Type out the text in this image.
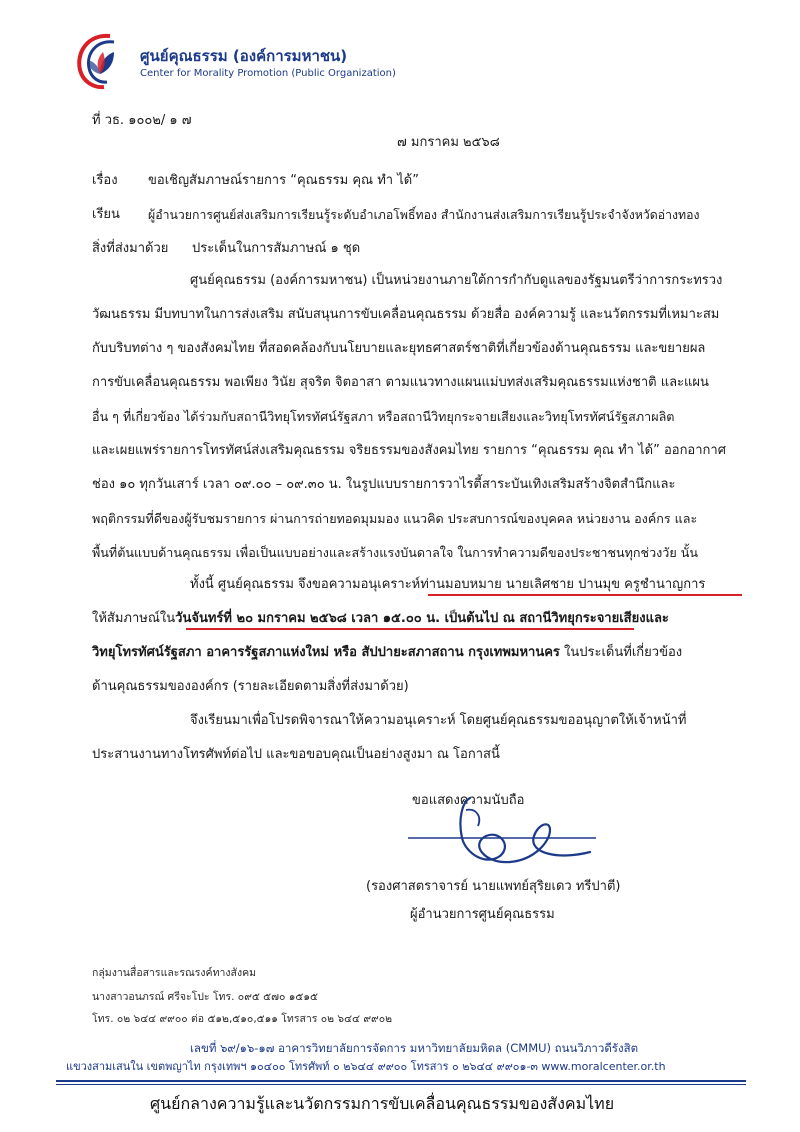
ศูนย์คุณธรรม (องค์การมหาชน)
Center for Morality Promotion (Public Organization)
ที่ วธ. ๑๐๐๒/ ๑ ๗
๗ มกราคม ๒๕๖๘
เรื่อง ขอเชิญสัมภาษณ์รายการ “คุณธรรม คุณ ทำ ได้”
เรียน ผู้อำนวยการศูนย์ส่งเสริมการเรียนรู้ระดับอำเภอโพธิ์ทอง สำนักงานส่งเสริมการเรียนรู้ประจำจังหวัดอ่างทอง
สิ่งที่ส่งมาด้วย ประเด็นในการสัมภาษณ์ ๑ ชุด
ศูนย์คุณธรรม (องค์การมหาชน) เป็นหน่วยงานภายใต้การกำกับดูแลของรัฐมนตรีว่าการกระทรวง
วัฒนธรรม มีบทบาทในการส่งเสริม สนับสนุนการขับเคลื่อนคุณธรรม ด้วยสื่อ องค์ความรู้ และนวัตกรรมที่เหมาะสม
กับบริบทต่าง ๆ ของสังคมไทย ที่สอดคล้องกับนโยบายและยุทธศาสตร์ชาติที่เกี่ยวข้องด้านคุณธรรม และขยายผล
การขับเคลื่อนคุณธรรม พอเพียง วินัย สุจริต จิตอาสา ตามแนวทางแผนแม่บทส่งเสริมคุณธรรมแห่งชาติ และแผน
อื่น ๆ ที่เกี่ยวข้อง ได้ร่วมกับสถานีวิทยุโทรทัศน์รัฐสภา หรือสถานีวิทยุกระจายเสียงและวิทยุโทรทัศน์รัฐสภาผลิต
และเผยแพร่รายการโทรทัศน์ส่งเสริมคุณธรรม จริยธรรมของสังคมไทย รายการ “คุณธรรม คุณ ทำ ได้” ออกอากาศ
ช่อง ๑๐ ทุกวันเสาร์ เวลา ๐๙.๐๐ – ๐๙.๓๐ น. ในรูปแบบรายการวาไรตี้สาระบันเทิงเสริมสร้างจิตสำนึกและ
พฤติกรรมที่ดีของผู้รับชมรายการ ผ่านการถ่ายทอดมุมมอง แนวคิด ประสบการณ์ของบุคคล หน่วยงาน องค์กร และ
พื้นที่ต้นแบบด้านคุณธรรม เพื่อเป็นแบบอย่างและสร้างแรงบันดาลใจ ในการทำความดีของประชาชนทุกช่วงวัย นั้น
ทั้งนี้ ศูนย์คุณธรรม จึงขอความอนุเคราะห์ท่านมอบหมาย นายเลิศชาย ปานมุข ครูชำนาญการ
ให้สัมภาษณ์ในวันจันทร์ที่ ๒๐ มกราคม ๒๕๖๘ เวลา ๑๕.๐๐ น. เป็นต้นไป ณ สถานีวิทยุกระจายเสียงและ
วิทยุโทรทัศน์รัฐสภา อาคารรัฐสภาแห่งใหม่ หรือ สัปปายะสภาสถาน กรุงเทพมหานคร ในประเด็นที่เกี่ยวข้อง
ด้านคุณธรรมขององค์กร (รายละเอียดตามสิ่งที่ส่งมาด้วย)
จึงเรียนมาเพื่อโปรดพิจารณาให้ความอนุเคราะห์ โดยศูนย์คุณธรรมขออนุญาตให้เจ้าหน้าที่
ประสานงานทางโทรศัพท์ต่อไป และขอขอบคุณเป็นอย่างสูงมา ณ โอกาสนี้
ขอแสดงความนับถือ
(รองศาสตราจารย์ นายแพทย์สุริยเดว ทรีปาตี)
ผู้อำนวยการศูนย์คุณธรรม
กลุ่มงานสื่อสารและรณรงค์ทางสังคม
นางสาวอนภรณ์ ศรีจะโปะ โทร. ๐๙๕ ๕๗๐ ๑๕๑๕
โทร. ๐๒ ๖๔๔ ๙๙๐๐ ต่อ ๕๑๒,๕๑๐,๕๑๑ โทรสาร ๐๒ ๖๔๔ ๙๙๐๒
เลขที่ ๖๙/๑๖-๑๗ อาคารวิทยาลัยการจัดการ มหาวิทยาลัยมหิดล (CMMU) ถนนวิภาวดีรังสิต
แขวงสามเสนใน เขตพญาไท กรุงเทพฯ ๑๐๔๐๐ โทรศัพท์ ๐ ๒๖๔๔ ๙๙๐๐ โทรสาร ๐ ๒๖๔๔ ๙๙๐๑-๓ www.moralcenter.or.th
ศูนย์กลางความรู้และนวัตกรรมการขับเคลื่อนคุณธรรมของสังคมไทย
